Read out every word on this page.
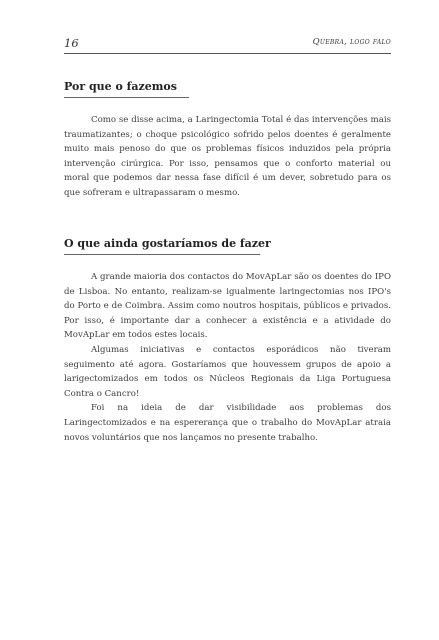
16	Quebra, logo falo
Por que o fazemos

Como se disse acima, a Laringectomia Total é das intervenções mais traumatizantes; o choque psicológico sofrido pelos doentes é geralmente muito mais penoso do que os problemas físicos induzidos pela própria intervenção cirúrgica. Por isso, pensamos que o conforto material ou moral que podemos dar nessa fase difícil é um dever, sobretudo para os que sofreram e ultrapassaram o mesmo.

O que ainda gostaríamos de fazer

A grande maioria dos contactos do MovApLar são os doentes do IPO de Lisboa. No entanto, realizam-se igualmente laringectomias nos IPO's do Porto e de Coimbra. Assim como noutros hospitais, públicos e privados. Por isso, é importante dar a conhecer a existência e a atividade do MovApLar em todos estes locais.

Algumas iniciativas e contactos esporádicos não tiveram seguimento até agora. Gostaríamos que houvessem grupos de apoio a larigectomizados em todos os Núcleos Regionais da Liga Portuguesa Contra o Cancro!

Foi na ideia de dar visibilidade aos problemas dos Laringectomizados e na espererança que o trabalho do MovApLar atraia novos voluntários que nos lançamos no presente trabalho.
